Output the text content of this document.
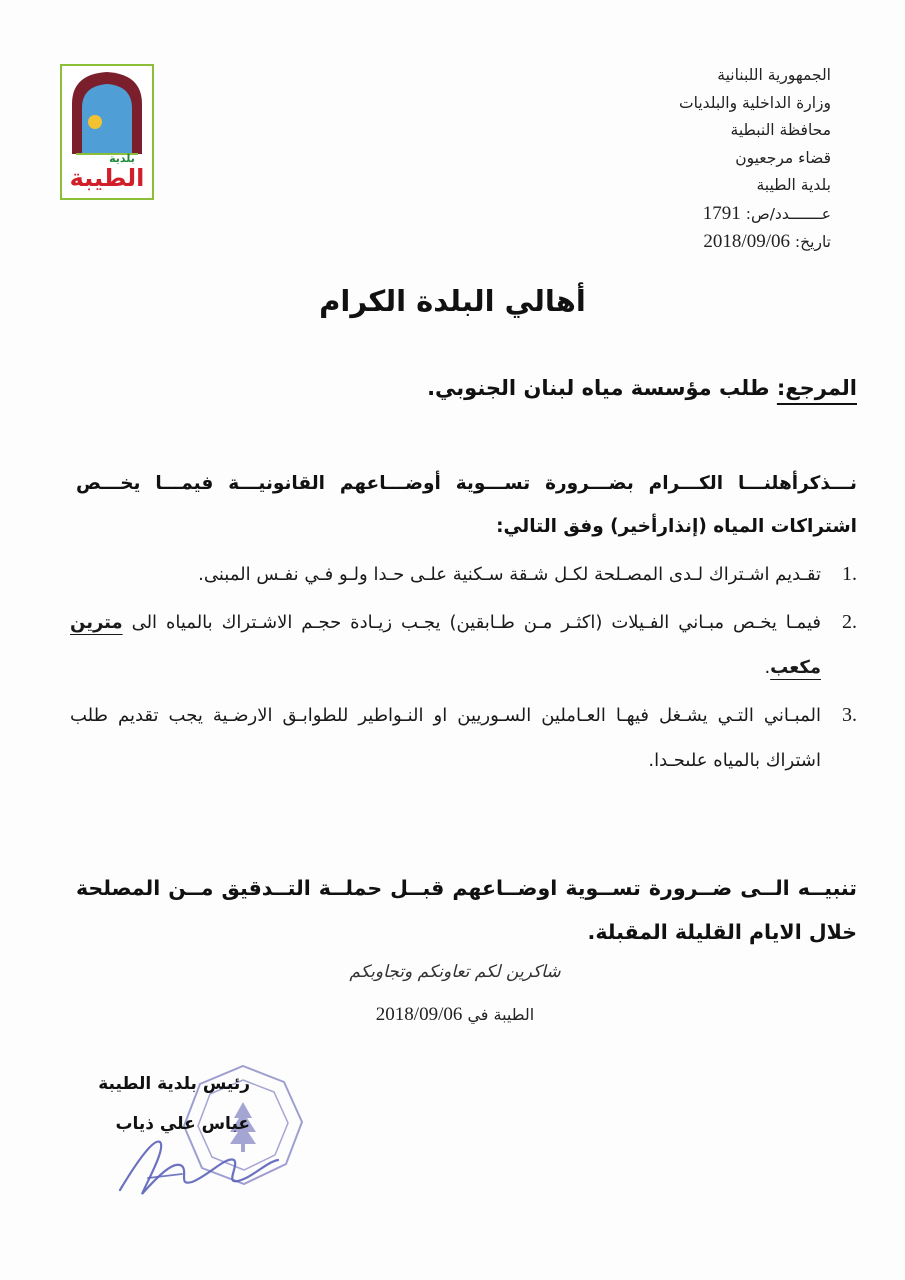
بلدية
الطيبة
الجمهورية اللبنانية
وزارة الداخلية والبلديات
محافظة النبطية
قضاء مرجعيون
بلدية الطيبة
عـــــــدد/ص: 1791
تاريخ: 2018/09/06
أهالي البلدة الكرام
المرجع: طلب مؤسسة مياه لبنان الجنوبي.
نـــذكرأهلنـــا الكـــرام بضـــرورة تســـوية أوضـــاعهم القانونيـــة فيمـــا يخـــص اشتراكات المياه (إنذارأخير) وفق التالي:
.1
تقـديم اشـتراك لـدى المصـلحة لكـل شـقة سـكنية علـى حـدا ولـو فـي نفـس المبنى.
.2
فيمـا يخـص مبـاني الفـيلات (اكثـر مـن طـابقين) يجـب زيـادة حجـم الاشـتراك بالمياه الى مترين مكعب.
.3
المبـاني التـي يشـغل فيهـا العـاملين السـوريين او النـواطير للطوابـق الارضـية يجب تقديم طلب اشتراك بالمياه علىحـدا.
تنبيــه الــى ضــرورة تســوية اوضــاعهم قبــل حملــة التــدقيق مــن المصلحة خلال الايام القليلة المقبلة.
شاكرين لكم تعاونكم وتجاوبكم
الطيبة في 2018/09/06
رئيس بلدية الطيبة
عباس علي ذياب
